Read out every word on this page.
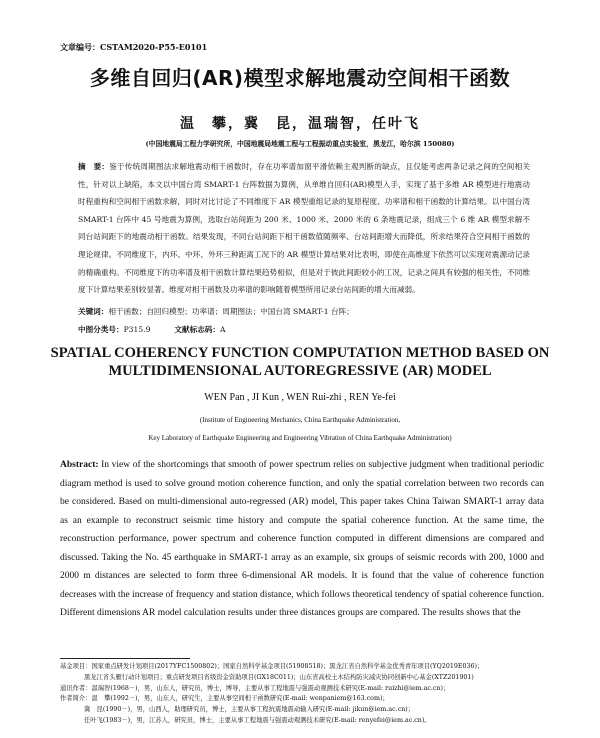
文章编号：CSTAM2020-P55-E0101
多维自回归(AR)模型求解地震动空间相干函数
温　攀，冀　昆，温瑞智，任叶飞
(中国地震局工程力学研究所，中国地震局地震工程与工程振动重点实验室，黑龙江，哈尔滨 150080)
摘　要：鉴于传统周期图法求解地震动相干函数时，存在功率谱加窗平滑依赖主观判断的缺点，且仅能考虑两条记录之间的空间相关性，针对以上缺陷，本文以中国台湾 SMART-1 台阵数据为算例，从单维自回归(AR)模型入手，实现了基于多维 AR 模型进行地震动时程重构和空间相干函数求解，同时对比讨论了不同维度下 AR 模型重组记录的复原程度、功率谱和相干函数的计算结果。以中国台湾 SMART-1 台阵中 45 号地震为算例，选取台站间距为 200 米、1000 米、2000 米的 6 条地震记录，组成三个 6 维 AR 模型求解不同台站间距下的地震动相干函数。结果发现，不同台站间距下相干函数值随频率、台站间距增大而降低，所求结果符合空间相干函数的理论规律。不同维度下，内环、中环、外环三种距离工况下的 AR 模型计算结果对比表明，即使在高维度下依然可以实现对震源动记录的精确重构。不同维度下的功率谱及相干函数计算结果趋势相似，但是对于彼此间距较小的工况，记录之间具有较强的相关性，不同维度下计算结果差别较显著。维度对相干函数及功率谱的影响随着模型所用记录台站间距的增大而减弱。
关键词：相干函数；自回归模型；功率谱；周期图法；中国台湾 SMART-1 台阵；
中图分类号：P315.9	文献标志码：A
SPATIAL COHERENCY FUNCTION COMPUTATION METHOD BASED ON MULTIDIMENSIONAL AUTOREGRESSIVE (AR) MODEL
WEN Pan , JI Kun , WEN Rui-zhi , REN Ye-fei
(Institute of Engineering Mechanics, China Earthquake Administration,
Key Laboratory of Earthquake Engineering and Engineering Vibration of China Earthquake Administration)
Abstract: In view of the shortcomings that smooth of power spectrum relies on subjective judgment when traditional periodic diagram method is used to solve ground motion coherence function, and only the spatial correlation between two records can be considered. Based on multi-dimensional auto-regressed (AR) model, This paper takes China Taiwan SMART-1 array data as an example to reconstruct seismic time history and compute the spatial coherence function. At the same time, the reconstruction performance, power spectrum and coherence function computed in different dimensions are compared and discussed. Taking the No. 45 earthquake in SMART-1 array as an example, six groups of seismic records with 200, 1000 and 2000 m distances are selected to form three 6-dimensional AR models. It is found that the value of coherence function decreases with the increase of frequency and station distance, which follows theoretical tendency of spatial coherence function. Different dimensions AR model calculation results under three distances groups are compared. The results shows that the
基金项目：国家重点研发计划项目(2017YFC1500802)；国家自然科学基金项目(51908518)；黑龙江省自然科学基金优秀青年项目(YQ2019E036)；
黑龙江省头雁行动计划项目；重点研发项目省级资金资助项目(GX18C011)；山东省高校土木结构防灾减灾协同创新中心基金(XTZ201901)
通讯作者：温瑞智(1968－)，男，山东人，研究员，博士，博导，主要从事工程地震与强震动观测技术研究(E-mail: ruizhi@iem.ac.cn)；
作者简介：温　攀(1992－)，男，山东人，研究生，主要从事空间相干函数研究(E-mail: wenpaniem@163.com)；
冀　昆(1990－)，男，山西人，助理研究员，博士，主要从事工程抗震地震动输入研究(E-mail: jikun@iem.ac.cn)；
任叶飞(1983－)，男，江苏人，研究员，博士，主要从事工程地震与强震动观测技术研究(E-mail: renyefei@iem.ac.cn)。
